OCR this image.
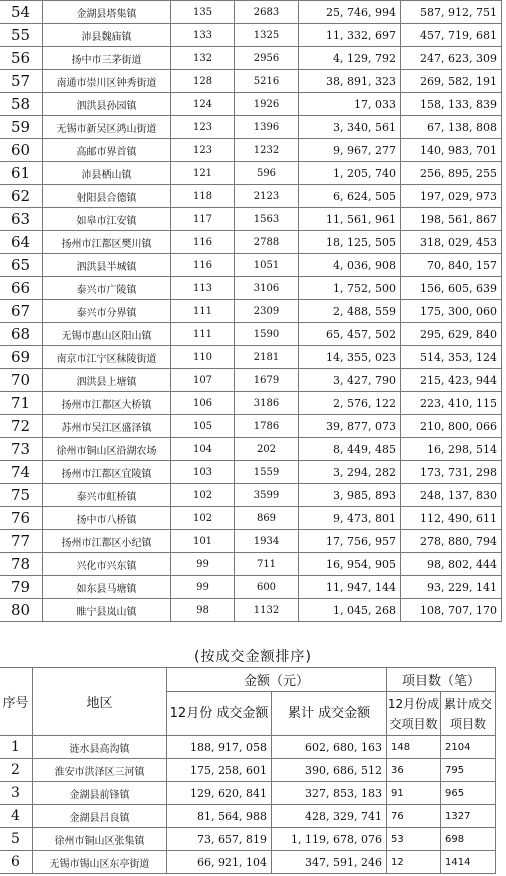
54	金湖县塔集镇	135	2683	25, 746, 994	587, 912, 751
55	沛县魏庙镇	133	1325	11, 332, 697	457, 719, 681
56	扬中市三茅街道	132	2956	4, 129, 792	247, 623, 309
57	南通市崇川区钟秀街道	128	5216	38, 891, 323	269, 582, 191
58	泗洪县孙园镇	124	1926	17, 033	158, 133, 839
59	无锡市新吴区鸿山街道	123	1396	3, 340, 561	67, 138, 808
60	高邮市界首镇	123	1232	9, 967, 277	140, 983, 701
61	沛县栖山镇	121	596	1, 205, 740	256, 895, 255
62	射阳县合德镇	118	2123	6, 624, 505	197, 029, 973
63	如皋市江安镇	117	1563	11, 561, 961	198, 561, 867
64	扬州市江都区樊川镇	116	2788	18, 125, 505	318, 029, 453
65	泗洪县半城镇	116	1051	4, 036, 908	70, 840, 157
66	泰兴市广陵镇	113	3106	1, 752, 500	156, 605, 639
67	泰兴市分界镇	111	2309	2, 488, 559	175, 300, 060
68	无锡市惠山区阳山镇	111	1590	65, 457, 502	295, 629, 840
69	南京市江宁区秣陵街道	110	2181	14, 355, 023	514, 353, 124
70	泗洪县上塘镇	107	1679	3, 427, 790	215, 423, 944
71	扬州市江都区大桥镇	106	3186	2, 576, 122	223, 410, 115
72	苏州市吴江区盛泽镇	105	1786	39, 877, 073	210, 800, 066
73	徐州市铜山区沿湖农场	104	202	8, 449, 485	16, 298, 514
74	扬州市江都区宜陵镇	103	1559	3, 294, 282	173, 731, 298
75	泰兴市虹桥镇	102	3599	3, 985, 893	248, 137, 830
76	扬中市八桥镇	102	869	9, 473, 801	112, 490, 611
77	扬州市江都区小纪镇	101	1934	17, 756, 957	278, 880, 794
78	兴化市兴东镇	99	711	16, 954, 905	98, 802, 444
79	如东县马塘镇	99	600	11, 947, 144	93, 229, 141
80	睢宁县岚山镇	98	1132	1, 045, 268	108, 707, 170
(按成交金额排序)
序号	地区	金额（元）		项目数（笔）	
		12月份 成交金额	累计 成交金额	12月份成交项目数	累计成交 项目数
1	涟水县高沟镇	188, 917, 058	602, 680, 163	148	2104
2	淮安市洪泽区三河镇	175, 258, 601	390, 686, 512	36	795
3	金湖县前锋镇	129, 620, 841	327, 853, 183	91	965
4	金湖县吕良镇	81, 564, 988	428, 329, 741	76	1327
5	徐州市铜山区张集镇	73, 657, 819	1, 119, 678, 076	53	698
6	无锡市锡山区东亭街道	66, 921, 104	347, 591, 246	12	1414
